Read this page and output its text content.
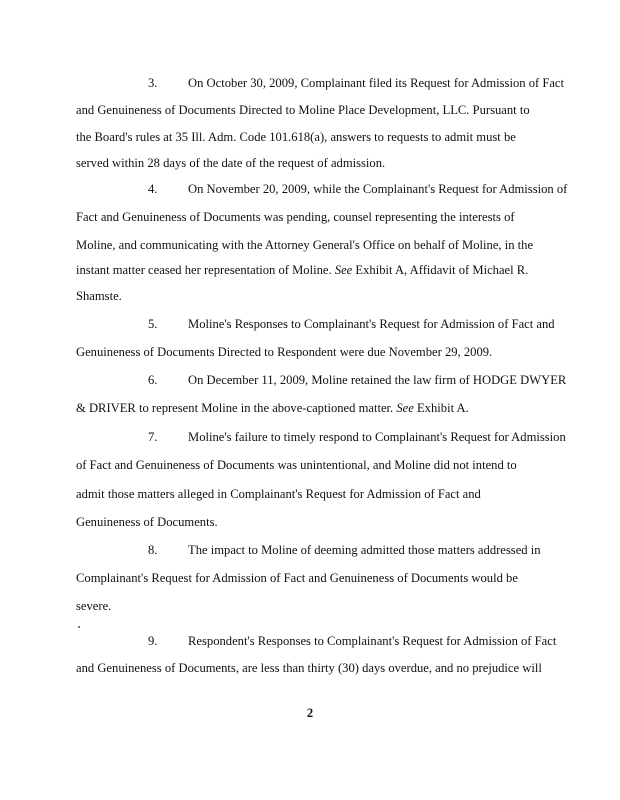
3. On October 30, 2009, Complainant filed its Request for Admission of Fact
and Genuineness of Documents Directed to Moline Place Development, LLC. Pursuant to
the Board's rules at 35 Ill. Adm. Code 101.618(a), answers to requests to admit must be
served within 28 days of the date of the request of admission.
4. On November 20, 2009, while the Complainant's Request for Admission of
Fact and Genuineness of Documents was pending, counsel representing the interests of
Moline, and communicating with the Attorney General's Office on behalf of Moline, in the
instant matter ceased her representation of Moline. See Exhibit A, Affidavit of Michael R.
Shamste.
5. Moline's Responses to Complainant's Request for Admission of Fact and
Genuineness of Documents Directed to Respondent were due November 29, 2009.
6. On December 11, 2009, Moline retained the law firm of HODGE DWYER
& DRIVER to represent Moline in the above-captioned matter. See Exhibit A.
7. Moline's failure to timely respond to Complainant's Request for Admission
of Fact and Genuineness of Documents was unintentional, and Moline did not intend to
admit those matters alleged in Complainant's Request for Admission of Fact and
Genuineness of Documents.
8. The impact to Moline of deeming admitted those matters addressed in
Complainant's Request for Admission of Fact and Genuineness of Documents would be
severe.
9. Respondent's Responses to Complainant's Request for Admission of Fact
and Genuineness of Documents, are less than thirty (30) days overdue, and no prejudice will
2
